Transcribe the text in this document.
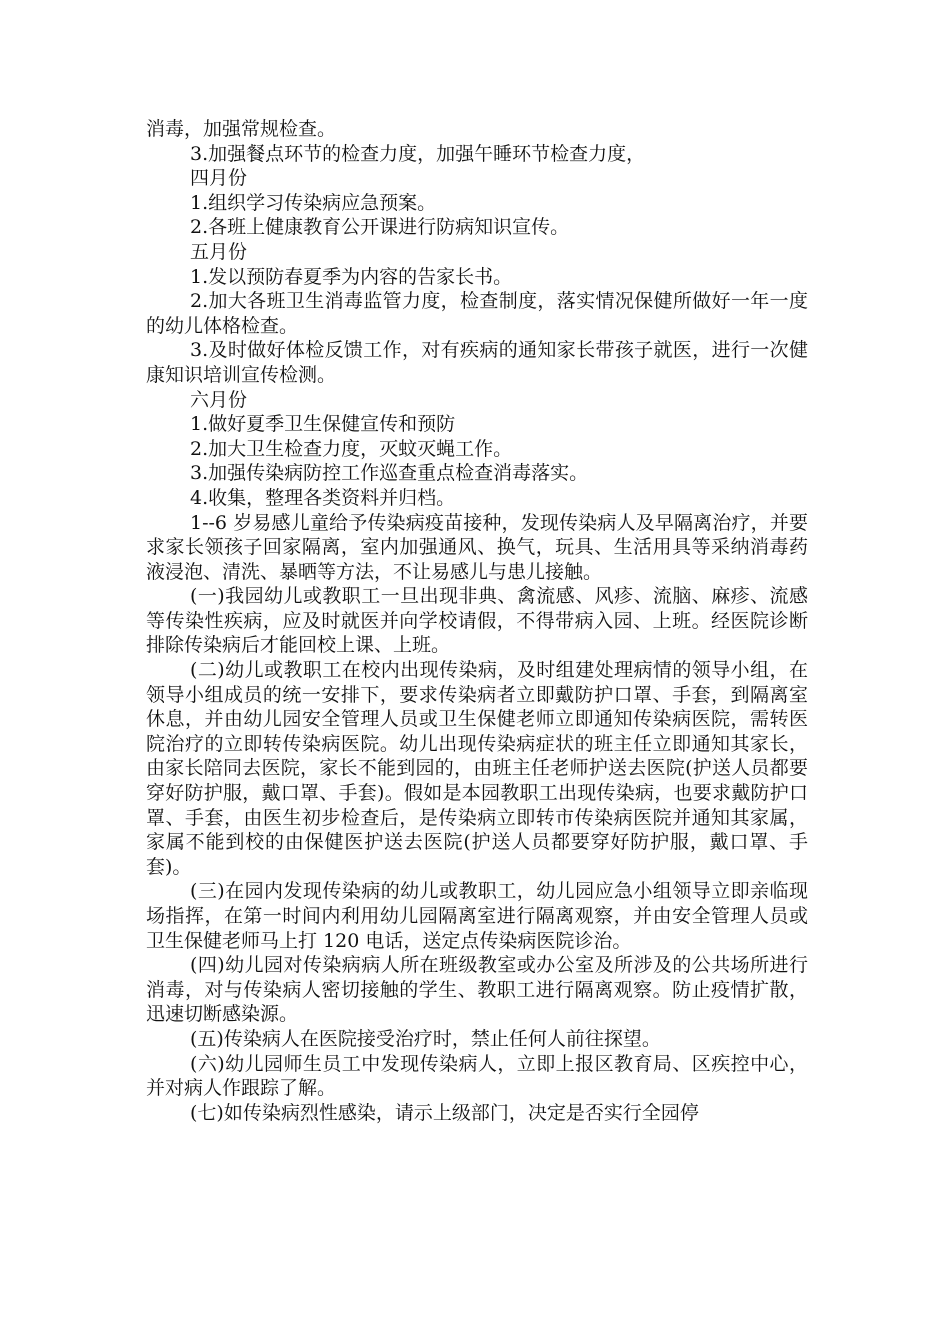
消毒，加强常规检查。

3.加强餐点环节的检查力度，加强午睡环节检查力度，

四月份

1.组织学习传染病应急预案。

2.各班上健康教育公开课进行防病知识宣传。

五月份

1.发以预防春夏季为内容的告家长书。

2.加大各班卫生消毒监管力度，检查制度，落实情况保健所做好一年一度的幼儿体格检查。

3.及时做好体检反馈工作，对有疾病的通知家长带孩子就医，进行一次健康知识培训宣传检测。

六月份

1.做好夏季卫生保健宣传和预防

2.加大卫生检查力度，灭蚊灭蝇工作。

3.加强传染病防控工作巡查重点检查消毒落实。

4.收集，整理各类资料并归档。

1--6 岁易感儿童给予传染病疫苗接种，发现传染病人及早隔离治疗，并要求家长领孩子回家隔离，室内加强通风、换气，玩具、生活用具等采纳消毒药液浸泡、清洗、暴晒等方法，不让易感儿与患儿接触。

(一)我园幼儿或教职工一旦出现非典、禽流感、风疹、流脑、麻疹、流感等传染性疾病，应及时就医并向学校请假，不得带病入园、上班。经医院诊断排除传染病后才能回校上课、上班。

(二)幼儿或教职工在校内出现传染病，及时组建处理病情的领导小组，在领导小组成员的统一安排下，要求传染病者立即戴防护口罩、手套，到隔离室休息，并由幼儿园安全管理人员或卫生保健老师立即通知传染病医院，需转医院治疗的立即转传染病医院。幼儿出现传染病症状的班主任立即通知其家长，由家长陪同去医院，家长不能到园的，由班主任老师护送去医院(护送人员都要穿好防护服，戴口罩、手套)。假如是本园教职工出现传染病，也要求戴防护口罩、手套，由医生初步检查后，是传染病立即转市传染病医院并通知其家属，家属不能到校的由保健医护送去医院(护送人员都要穿好防护服，戴口罩、手套)。

(三)在园内发现传染病的幼儿或教职工，幼儿园应急小组领导立即亲临现场指挥，在第一时间内利用幼儿园隔离室进行隔离观察，并由安全管理人员或卫生保健老师马上打 120 电话，送定点传染病医院诊治。

(四)幼儿园对传染病病人所在班级教室或办公室及所涉及的公共场所进行消毒，对与传染病人密切接触的学生、教职工进行隔离观察。防止疫情扩散，迅速切断感染源。

(五)传染病人在医院接受治疗时，禁止任何人前往探望。

(六)幼儿园师生员工中发现传染病人，立即上报区教育局、区疾控中心，并对病人作跟踪了解。

(七)如传染病烈性感染，请示上级部门，决定是否实行全园停
